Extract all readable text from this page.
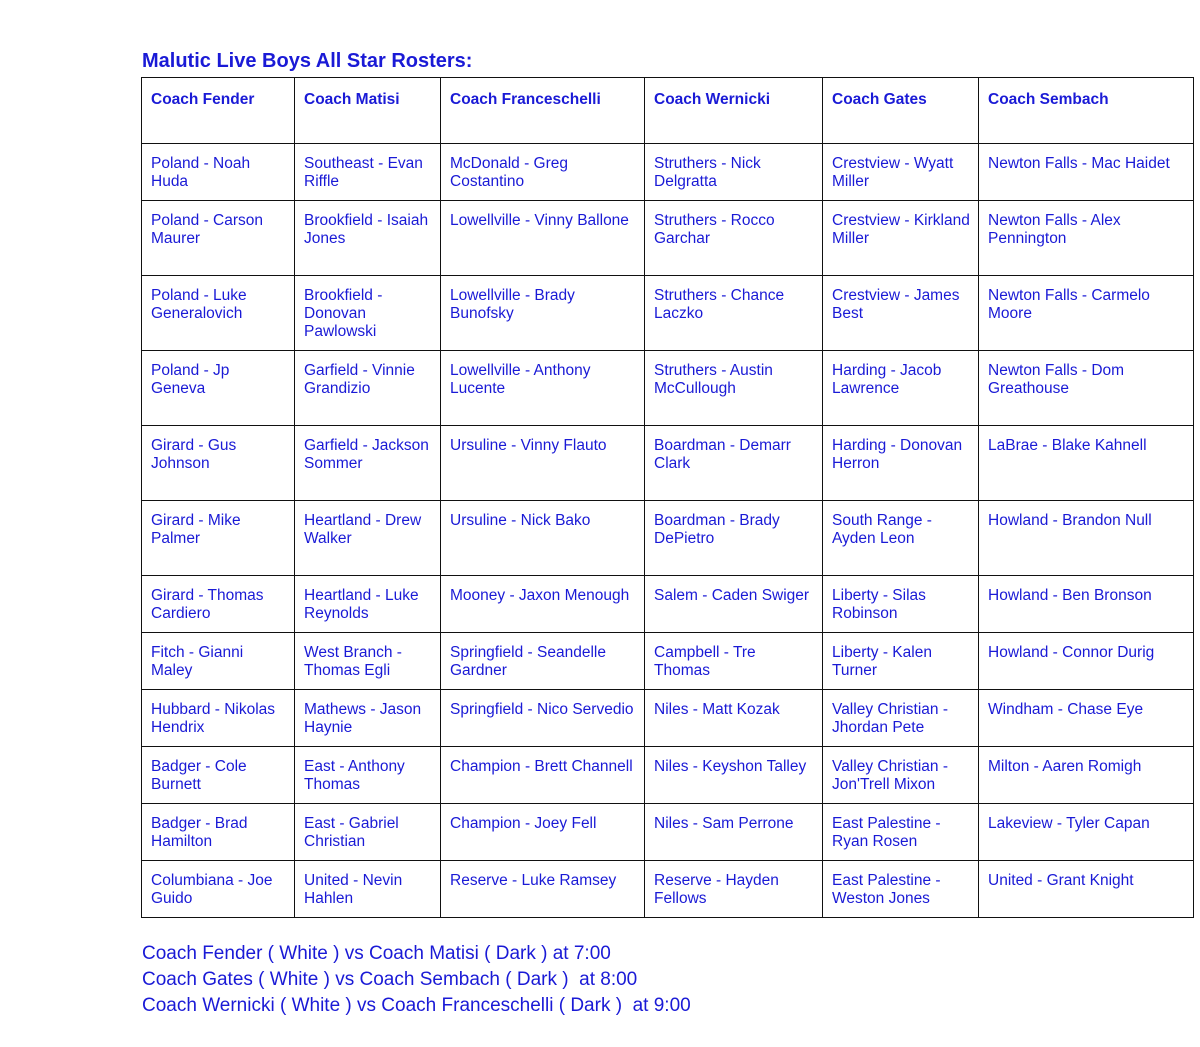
Malutic Live Boys All Star Rosters:
Coach Fender	Coach Matisi	Coach Franceschelli	Coach Wernicki	Coach Gates	Coach Sembach
Poland - Noah Huda	Southeast - Evan Riffle	McDonald - Greg Costantino	Struthers - Nick Delgratta	Crestview - Wyatt Miller	Newton Falls - Mac Haidet
Poland - Carson Maurer	Brookfield - Isaiah Jones	Lowellville - Vinny Ballone	Struthers - Rocco Garchar	Crestview - Kirkland Miller	Newton Falls - Alex Pennington
Poland - Luke Generalovich	Brookfield - Donovan Pawlowski	Lowellville - Brady Bunofsky	Struthers - Chance Laczko	Crestview - James Best	Newton Falls - Carmelo Moore
Poland - Jp Geneva	Garfield - Vinnie Grandizio	Lowellville - Anthony Lucente	Struthers - Austin McCullough	Harding - Jacob Lawrence	Newton Falls - Dom Greathouse
Girard - Gus Johnson	Garfield - Jackson Sommer	Ursuline - Vinny Flauto	Boardman - Demarr Clark	Harding - Donovan Herron	LaBrae - Blake Kahnell
Girard - Mike Palmer	Heartland - Drew Walker	Ursuline - Nick Bako	Boardman - Brady DePietro	South Range - Ayden Leon	Howland - Brandon Null
Girard - Thomas Cardiero	Heartland - Luke Reynolds	Mooney - Jaxon Menough	Salem - Caden Swiger	Liberty - Silas Robinson	Howland - Ben Bronson
Fitch - Gianni Maley	West Branch - Thomas Egli	Springfield - Seandelle Gardner	Campbell - Tre Thomas	Liberty - Kalen Turner	Howland - Connor Durig
Hubbard - Nikolas Hendrix	Mathews - Jason Haynie	Springfield - Nico Servedio	Niles - Matt Kozak	Valley Christian - Jhordan Pete	Windham - Chase Eye
Badger - Cole Burnett	East - Anthony Thomas	Champion - Brett Channell	Niles - Keyshon Talley	Valley Christian - Jon'Trell Mixon	Milton - Aaren Romigh
Badger - Brad Hamilton	East - Gabriel Christian	Champion - Joey Fell	Niles - Sam Perrone	East Palestine - Ryan Rosen	Lakeview - Tyler Capan
Columbiana - Joe Guido	United - Nevin Hahlen	Reserve - Luke Ramsey	Reserve - Hayden Fellows	East Palestine - Weston Jones	United - Grant Knight
Coach Fender ( White ) vs Coach Matisi ( Dark ) at 7:00
Coach Gates ( White ) vs Coach Sembach ( Dark )  at 8:00
Coach Wernicki ( White ) vs Coach Franceschelli ( Dark )  at 9:00
